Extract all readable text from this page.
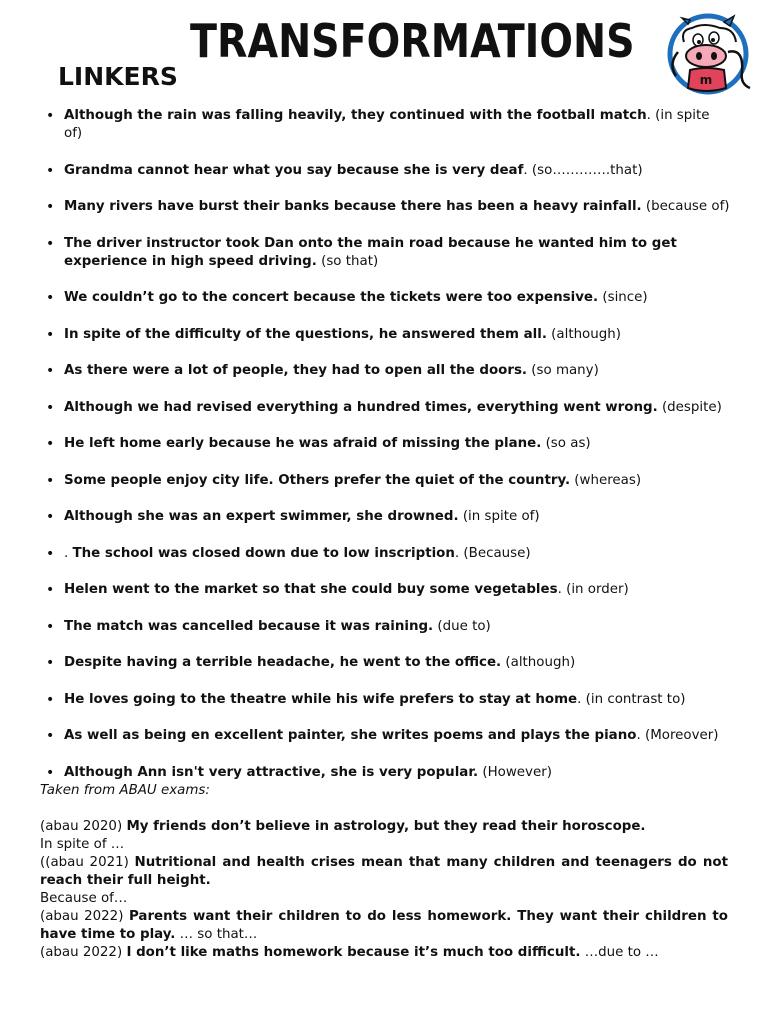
TRANSFORMATIONS
LINKERS	m
• Although the rain was falling heavily, they continued with the football match. (in spite of)
• Grandma cannot hear what you say because she is very deaf. (so………….that)
• Many rivers have burst their banks because there has been a heavy rainfall. (because of)
• The driver instructor took Dan onto the main road because he wanted him to get experience in high speed driving. (so that)
• We couldn’t go to the concert because the tickets were too expensive. (since)
• In spite of the difficulty of the questions, he answered them all. (although)
• As there were a lot of people, they had to open all the doors. (so many)
• Although we had revised everything a hundred times, everything went wrong. (despite)
• He left home early because he was afraid of missing the plane. (so as)
• Some people enjoy city life. Others prefer the quiet of the country. (whereas)
• Although she was an expert swimmer, she drowned. (in spite of)
• . The school was closed down due to low inscription. (Because)
• Helen went to the market so that she could buy some vegetables. (in order)
• The match was cancelled because it was raining. (due to)
• Despite having a terrible headache, he went to the office. (although)
• He loves going to the theatre while his wife prefers to stay at home. (in contrast to)
• As well as being en excellent painter, she writes poems and plays the piano. (Moreover)
• Although Ann isn't very attractive, she is very popular. (However)
Taken from ABAU exams:
(abau 2020) My friends don’t believe in astrology, but they read their horoscope.
In spite of …
((abau 2021) Nutritional and health crises mean that many children and teenagers do not reach their full height.
Because of…
(abau 2022) Parents want their children to do less homework. They want their children to have time to play. … so that…
(abau 2022) I don’t like maths homework because it’s much too difficult. …due to …
